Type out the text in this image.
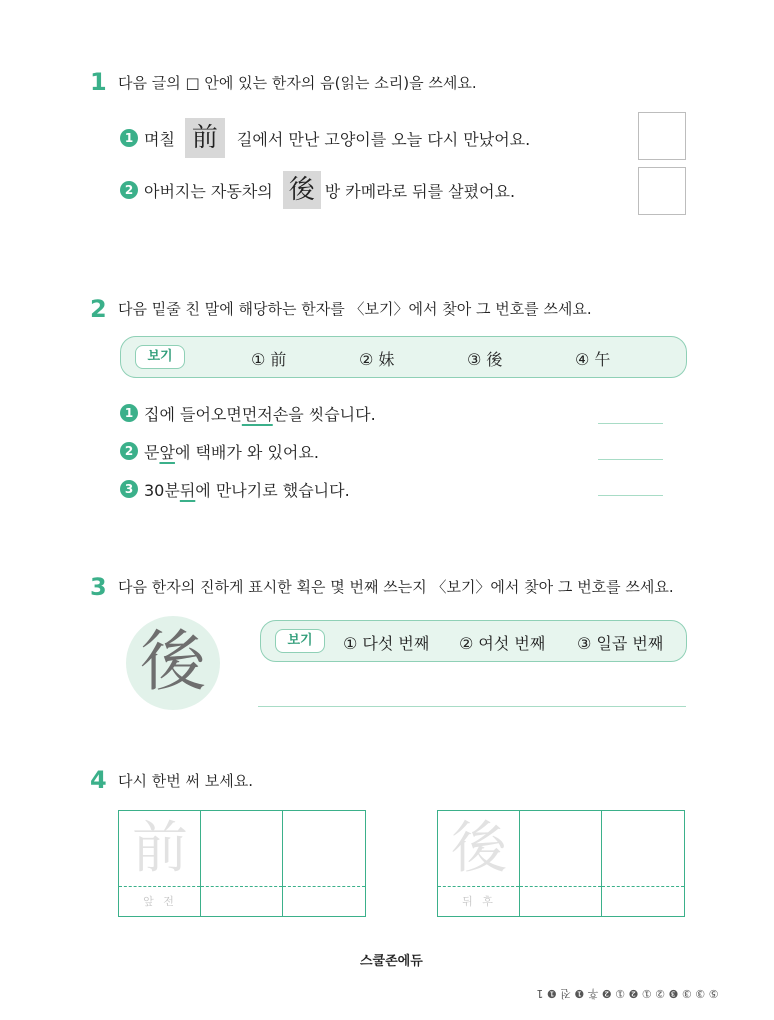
1 다음 글의 □ 안에 있는 한자의 음(읽는 소리)을 쓰세요.
1 며칠 前	길에서 만난 고양이를 오늘 다시 만났어요.
2 아버지는 자동차의 後 방 카메라로 뒤를 살폈어요.
2 다음 밑줄 친 말에 해당하는 한자를 〈보기〉에서 찾아 그 번호를 쓰세요.
보기	① 前	② 妹	③ 後	④ 午
1 집에 들어오면 먼저 손을 씻습니다.
2 문 앞 에 택배가 와 있어요.
3 30분 뒤 에 만나기로 했습니다.
3 다음 한자의 진하게 표시한 획은 몇 번째 쓰는지 〈보기〉에서 찾아 그 번호를 쓰세요.
後	보기	① 다섯 번째 ② 여섯 번째 ③ 일곱 번째
4 다시 한번 써 보세요.
前
앞 전
後
뒤 후
스쿨존에듀
⑤ ③ ③ ❸ ② ① ❷ ① ❷ 후 ❶ 전 ❶ 1
